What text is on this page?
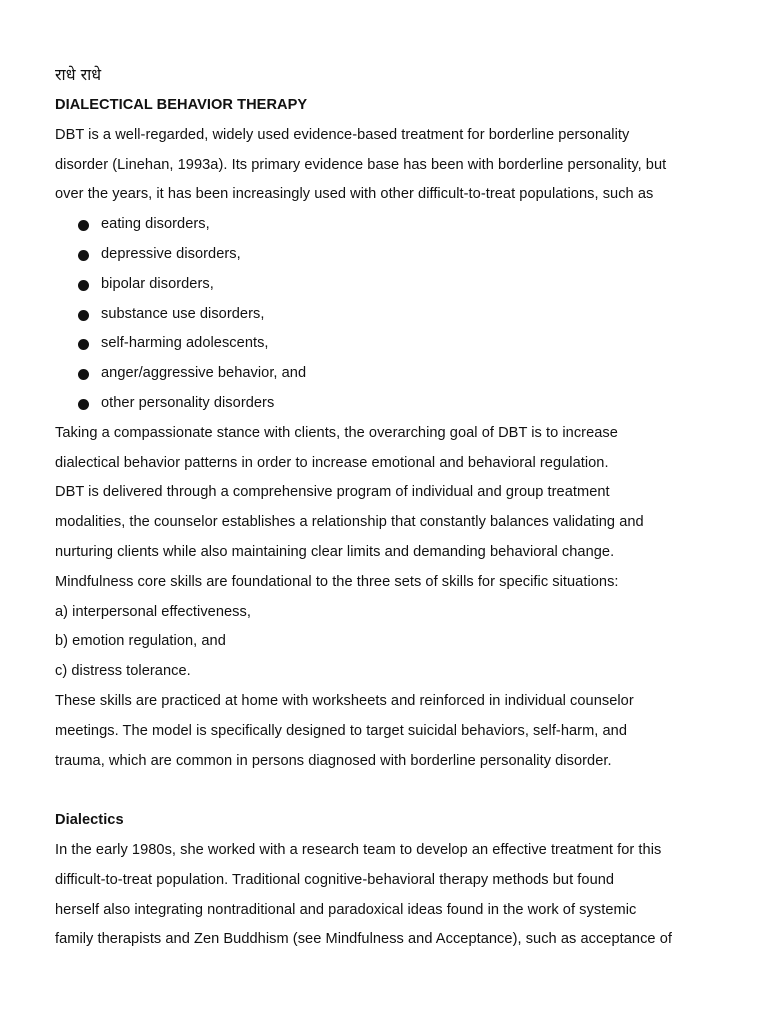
राधे राधे
DIALECTICAL BEHAVIOR THERAPY
DBT is a well-regarded, widely used evidence-based treatment for borderline personality
disorder (Linehan, 1993a). Its primary evidence base has been with borderline personality, but
over the years, it has been increasingly used with other difficult-to-treat populations, such as
eating disorders,
depressive disorders,
bipolar disorders,
substance use disorders,
self-harming adolescents,
anger/aggressive behavior, and
other personality disorders
Taking a compassionate stance with clients, the overarching goal of DBT is to increase
dialectical behavior patterns in order to increase emotional and behavioral regulation.
DBT is delivered through a comprehensive program of individual and group treatment
modalities, the counselor establishes a relationship that constantly balances validating and
nurturing clients while also maintaining clear limits and demanding behavioral change.
Mindfulness core skills are foundational to the three sets of skills for specific situations:
a) interpersonal effectiveness,
b) emotion regulation, and
c) distress tolerance.
These skills are practiced at home with worksheets and reinforced in individual counselor
meetings. The model is specifically designed to target suicidal behaviors, self-harm, and
trauma, which are common in persons diagnosed with borderline personality disorder.
Dialectics
In the early 1980s, she worked with a research team to develop an effective treatment for this
difficult-to-treat population. Traditional cognitive-behavioral therapy methods but found
herself also integrating nontraditional and paradoxical ideas found in the work of systemic
family therapists and Zen Buddhism (see Mindfulness and Acceptance), such as acceptance of
